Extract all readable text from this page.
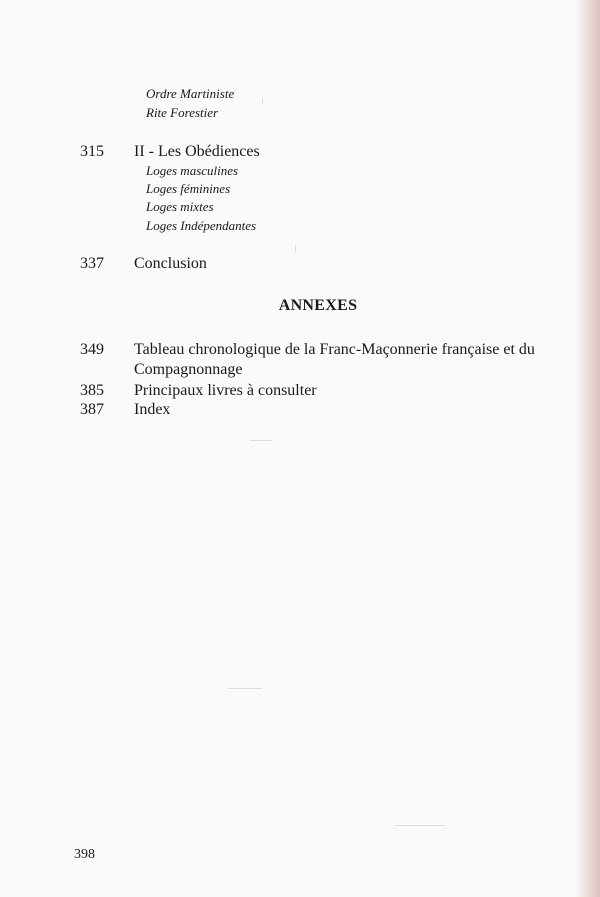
Ordre Martiniste
Rite Forestier
315 II - Les Obédiences
Loges masculines
Loges féminines
Loges mixtes
Loges Indépendantes
337 Conclusion
ANNEXES
349 Tableau chronologique de la Franc-Maçonnerie française et du
Compagnonnage
385 Principaux livres à consulter
387 Index
398
